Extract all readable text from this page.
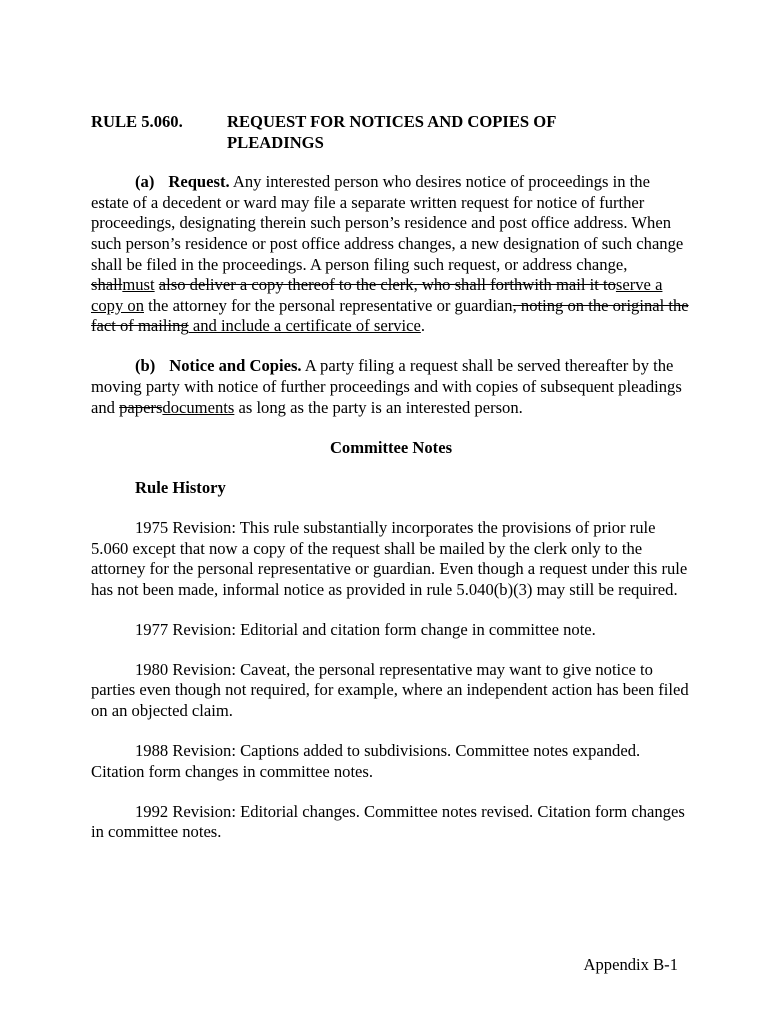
RULE 5.060.	REQUEST FOR NOTICES AND COPIES OF PLEADINGS

(a) Request. Any interested person who desires notice of proceedings in the estate of a decedent or ward may file a separate written request for notice of further proceedings, designating therein such person’s residence and post office address. When such person’s residence or post office address changes, a new designation of such change shall be filed in the proceedings. A person filing such request, or address change, shallmust also deliver a copy thereof to the clerk, who shall forthwith mail it toserve a copy on the attorney for the personal representative or guardian, noting on the original the fact of mailing and include a certificate of service.

(b) Notice and Copies. A party filing a request shall be served thereafter by the moving party with notice of further proceedings and with copies of subsequent pleadings and papersdocuments as long as the party is an interested person.

Committee Notes
Rule History

1975 Revision: This rule substantially incorporates the provisions of prior rule 5.060 except that now a copy of the request shall be mailed by the clerk only to the attorney for the personal representative or guardian. Even though a request under this rule has not been made, informal notice as provided in rule 5.040(b)(3) may still be required.

1977 Revision: Editorial and citation form change in committee note.

1980 Revision: Caveat, the personal representative may want to give notice to parties even though not required, for example, where an independent action has been filed on an objected claim.

1988 Revision: Captions added to subdivisions. Committee notes expanded. Citation form changes in committee notes.

1992 Revision: Editorial changes. Committee notes revised. Citation form changes in committee notes.

Appendix B-1
